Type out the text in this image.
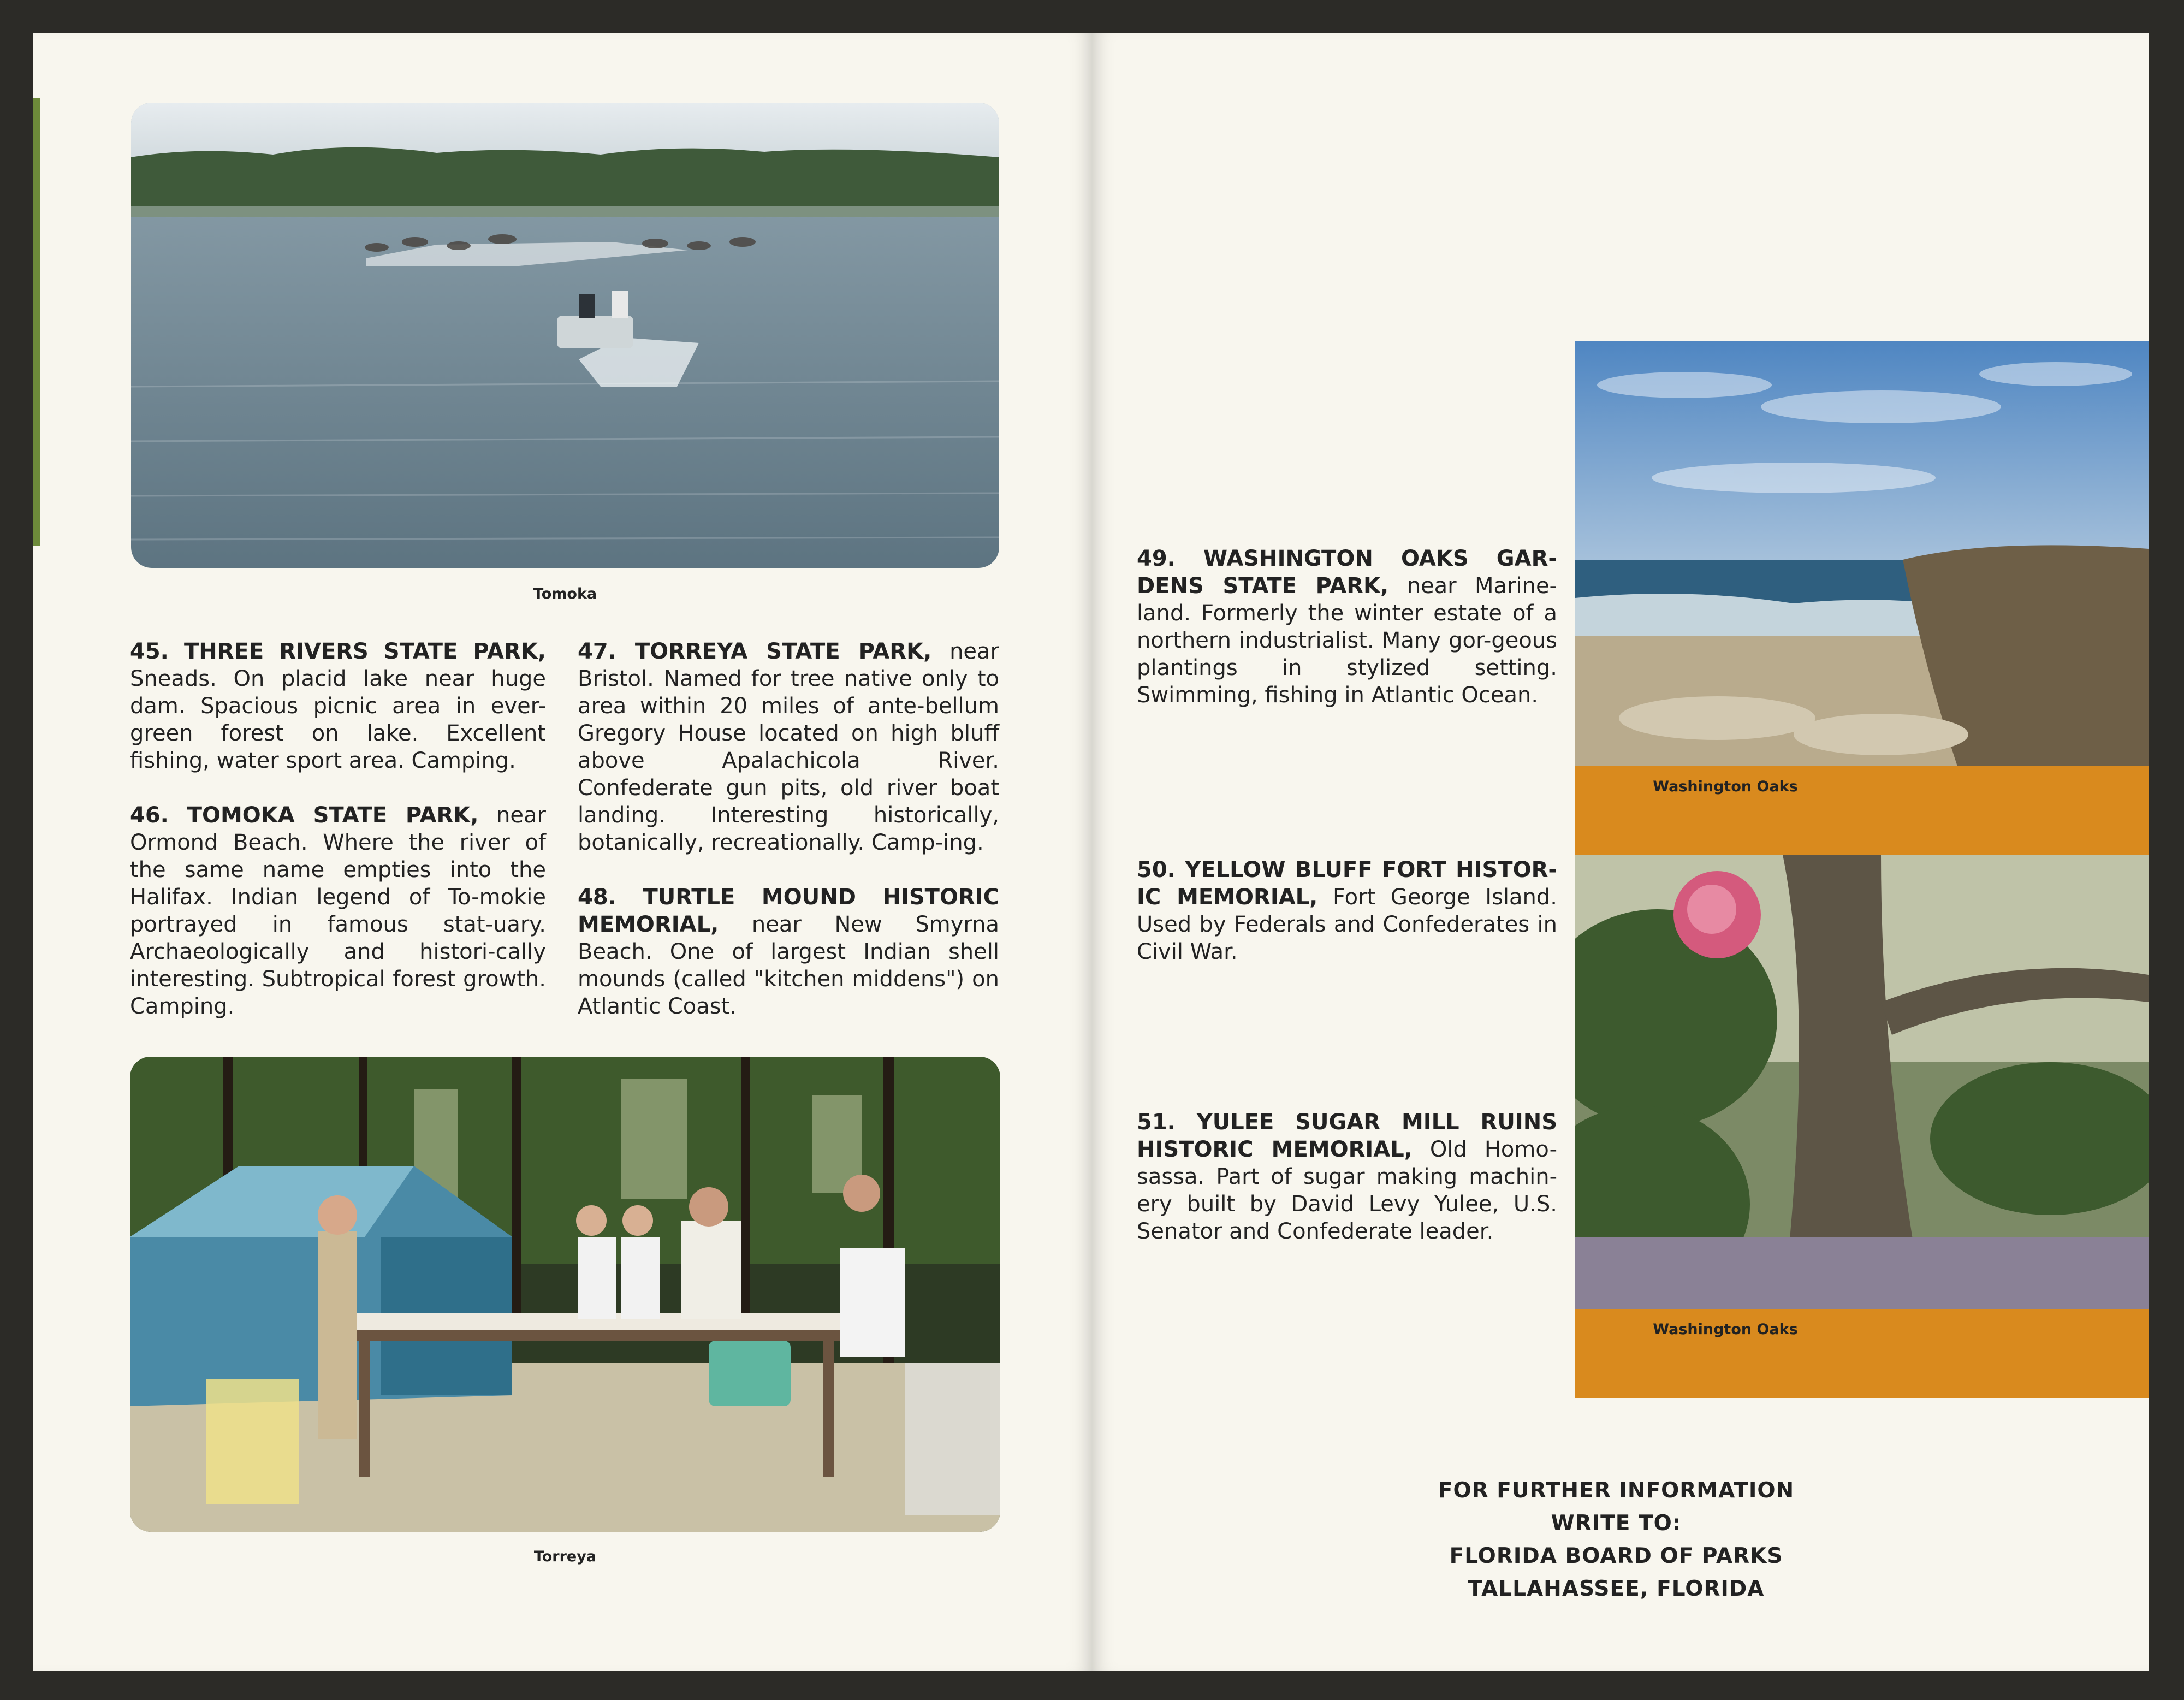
Tomoka
45. THREE RIVERS STATE PARK, Sneads. On placid lake near huge dam. Spacious picnic area in ever-green forest on lake. Excellent fishing, water sport area. Camping.
46. TOMOKA STATE PARK, near Ormond Beach. Where the river of the same name empties into the Halifax. Indian legend of To-mokie portrayed in famous stat-uary. Archaeologically and histori-cally interesting. Subtropical forest growth. Camping.
47. TORREYA STATE PARK, near Bristol. Named for tree native only to area within 20 miles of ante-bellum Gregory House located on high bluff above Apalachicola River. Confederate gun pits, old river boat landing. Interesting historically, botanically, recreationally. Camp-ing.
48. TURTLE MOUND HISTORIC MEMORIAL, near New Smyrna Beach. One of largest Indian shell mounds (called "kitchen middens") on Atlantic Coast.
Torreya
49. WASHINGTON OAKS GAR-DENS STATE PARK, near Marine-land. Formerly the winter estate of a northern industrialist. Many gor-geous plantings in stylized setting. Swimming, fishing in Atlantic Ocean.
50. YELLOW BLUFF FORT HISTOR-IC MEMORIAL, Fort George Island. Used by Federals and Confederates in Civil War.
51. YULEE SUGAR MILL RUINS HISTORIC MEMORIAL, Old Homo-sassa. Part of sugar making machin-ery built by David Levy Yulee, U.S. Senator and Confederate leader.
Washington Oaks
Washington Oaks
FOR FURTHER INFORMATION
WRITE TO:
FLORIDA BOARD OF PARKS
TALLAHASSEE, FLORIDA
